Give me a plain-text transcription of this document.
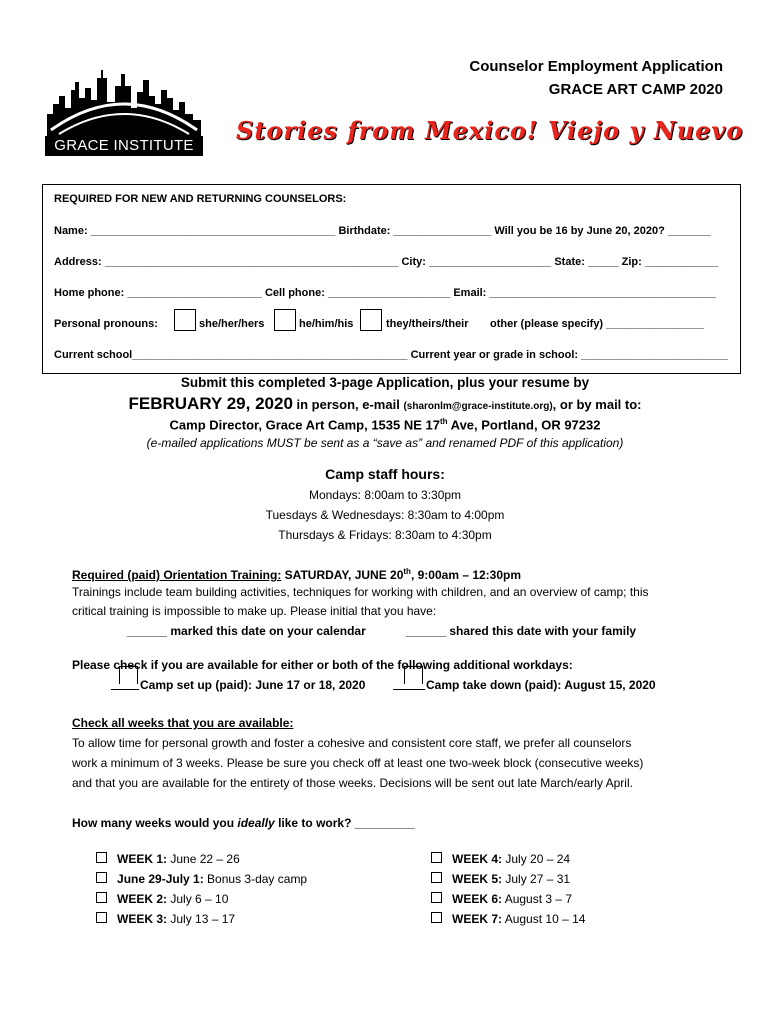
GRACE INSTITUTE
Counselor Employment Application
GRACE ART CAMP 2020
Stories from Mexico! Viejo y Nuevo
REQUIRED FOR NEW AND RETURNING COUNSELORS:
Name: ________________________________________ Birthdate: ________________ Will you be 16 by June 20, 2020? _______
Address: ________________________________________________ City: ____________________ State: _____ Zip: ____________
Home phone: ______________________ Cell phone: ____________________ Email: _____________________________________
Personal pronouns:	she/her/hers	he/him/his	they/theirs/their other (please specify) ________________
Current school_____________________________________________ Current year or grade in school: ________________________
Submit this completed 3-page Application, plus your resume by
FEBRUARY 29, 2020 in person, e-mail (sharonlm@grace-institute.org), or by mail to:
Camp Director, Grace Art Camp, 1535 NE 17th Ave, Portland, OR 97232
(e-mailed applications MUST be sent as a “save as” and renamed PDF of this application)
Camp staff hours:
Mondays: 8:00am to 3:30pm
Tuesdays & Wednesdays: 8:30am to 4:00pm
Thursdays & Fridays: 8:30am to 4:30pm
Required (paid) Orientation Training: SATURDAY, JUNE 20th, 9:00am – 12:30pm
Trainings include team building activities, techniques for working with children, and an overview of camp; this
critical training is impossible to make up. Please initial that you have:
______ marked this date on your calendar	______ shared this date with your family
Please check if you are available for either or both of the following additional workdays:
Camp set up (paid): June 17 or 18, 2020	Camp take down (paid): August 15, 2020
Check all weeks that you are available:
To allow time for personal growth and foster a cohesive and consistent core staff, we prefer all counselors
work a minimum of 3 weeks. Please be sure you check off at least one two-week block (consecutive weeks)
and that you are available for the entirety of those weeks. Decisions will be sent out late March/early April.
How many weeks would you ideally like to work? _________
WEEK 1: June 22 – 26
June 29-July 1: Bonus 3-day camp
WEEK 2: July 6 – 10
WEEK 3: July 13 – 17
WEEK 4: July 20 – 24
WEEK 5: July 27 – 31
WEEK 6: August 3 – 7
WEEK 7: August 10 – 14
